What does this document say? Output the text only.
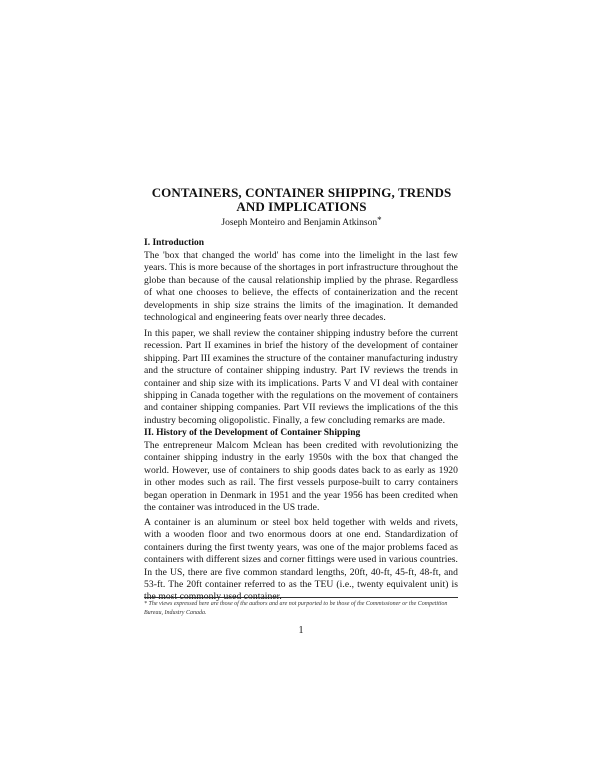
CONTAINERS, CONTAINER SHIPPING, TRENDS AND IMPLICATIONS
Joseph Monteiro and Benjamin Atkinson*
I. Introduction
The 'box that changed the world' has come into the limelight in the last few years. This is more because of the shortages in port infrastructure throughout the globe than because of the causal relationship implied by the phrase. Regardless of what one chooses to believe, the effects of containerization and the recent developments in ship size strains the limits of the imagination. It demanded technological and engineering feats over nearly three decades.
In this paper, we shall review the container shipping industry before the current recession. Part II examines in brief the history of the development of container shipping. Part III examines the structure of the container manufacturing industry and the structure of container shipping industry. Part IV reviews the trends in container and ship size with its implications. Parts V and VI deal with container shipping in Canada together with the regulations on the movement of containers and container shipping companies. Part VII reviews the implications of the this industry becoming oligopolistic. Finally, a few concluding remarks are made.
II. History of the Development of Container Shipping
The entrepreneur Malcom Mclean has been credited with revolutionizing the container shipping industry in the early 1950s with the box that changed the world. However, use of containers to ship goods dates back to as early as 1920 in other modes such as rail. The first vessels purpose-built to carry containers began operation in Denmark in 1951 and the year 1956 has been credited when the container was introduced in the US trade.
A container is an aluminum or steel box held together with welds and rivets, with a wooden floor and two enormous doors at one end. Standardization of containers during the first twenty years, was one of the major problems faced as containers with different sizes and corner fittings were used in various countries. In the US, there are five common standard lengths, 20ft, 40-ft, 45-ft, 48-ft, and 53-ft. The 20ft container referred to as the TEU (i.e., twenty equivalent unit) is the most commonly used container.
* The views expressed here are those of the authors and are not purported to be those of the Commissioner or the Competition Bureau, Industry Canada.
1
